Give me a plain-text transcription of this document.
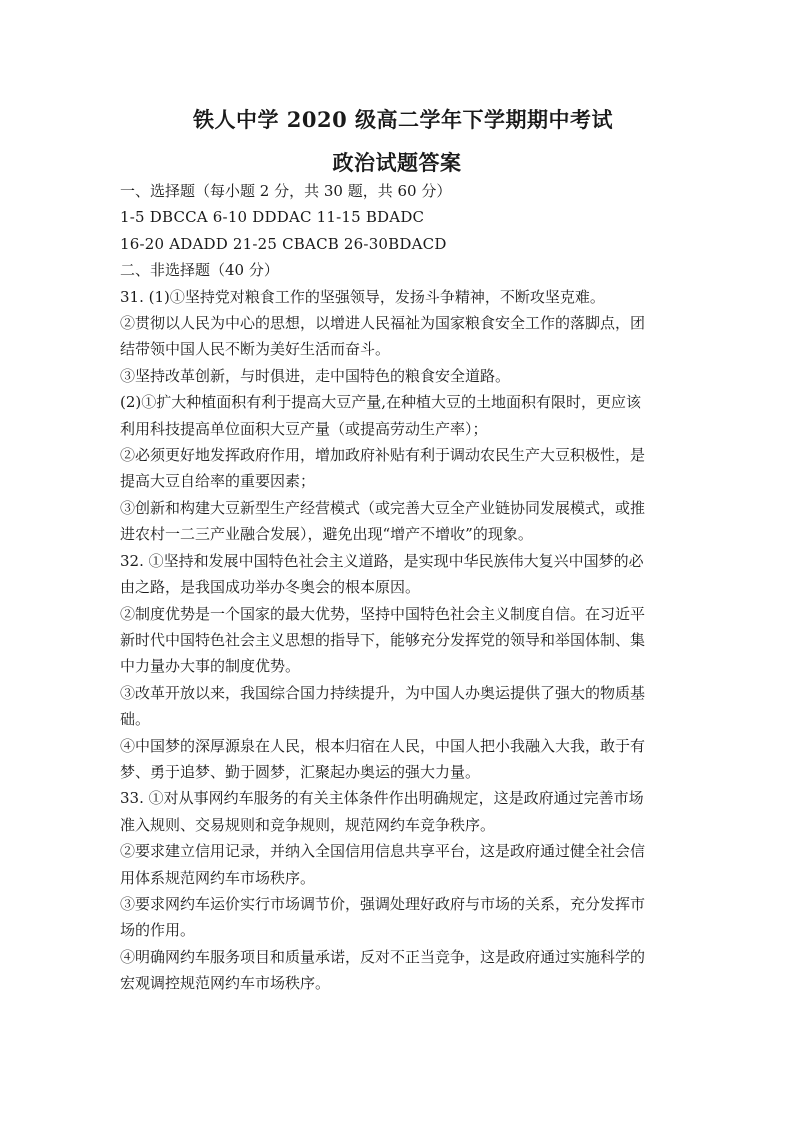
铁人中学 2020 级高二学年下学期期中考试
政治试题答案
一、选择题（每小题 2 分，共 30 题，共 60 分）
1-5 DBCCA 6-10 DDDAC 11-15 BDADC
16-20 ADADD 21-25 CBACB 26-30BDACD
二、非选择题（40 分）
31. (1)①坚持党对粮食工作的坚强领导，发扬斗争精神，不断攻坚克难。
②贯彻以人民为中心的思想，以增进人民福祉为国家粮食安全工作的落脚点，团
结带领中国人民不断为美好生活而奋斗。
③坚持改革创新，与时俱进，走中国特色的粮食安全道路。
(2)①扩大种植面积有利于提高大豆产量,在种植大豆的土地面积有限时，更应该
利用科技提高单位面积大豆产量（或提高劳动生产率）；
②必须更好地发挥政府作用，增加政府补贴有利于调动农民生产大豆积极性，是
提高大豆自给率的重要因素；
③创新和构建大豆新型生产经营模式（或完善大豆全产业链协同发展模式，或推
进农村一二三产业融合发展），避免出现“增产不增收”的现象。
32. ①坚持和发展中国特色社会主义道路，是实现中华民族伟大复兴中国梦的必
由之路，是我国成功举办冬奥会的根本原因。
②制度优势是一个国家的最大优势，坚持中国特色社会主义制度自信。在习近平
新时代中国特色社会主义思想的指导下，能够充分发挥党的领导和举国体制、集
中力量办大事的制度优势。
③改革开放以来，我国综合国力持续提升，为中国人办奥运提供了强大的物质基
础。
④中国梦的深厚源泉在人民，根本归宿在人民，中国人把小我融入大我，敢于有
梦、勇于追梦、勤于圆梦，汇聚起办奥运的强大力量。
33. ①对从事网约车服务的有关主体条件作出明确规定，这是政府通过完善市场
准入规则、交易规则和竞争规则，规范网约车竞争秩序。
②要求建立信用记录，并纳入全国信用信息共享平台，这是政府通过健全社会信
用体系规范网约车市场秩序。
③要求网约车运价实行市场调节价，强调处理好政府与市场的关系，充分发挥市
场的作用。
④明确网约车服务项目和质量承诺，反对不正当竞争，这是政府通过实施科学的
宏观调控规范网约车市场秩序。
